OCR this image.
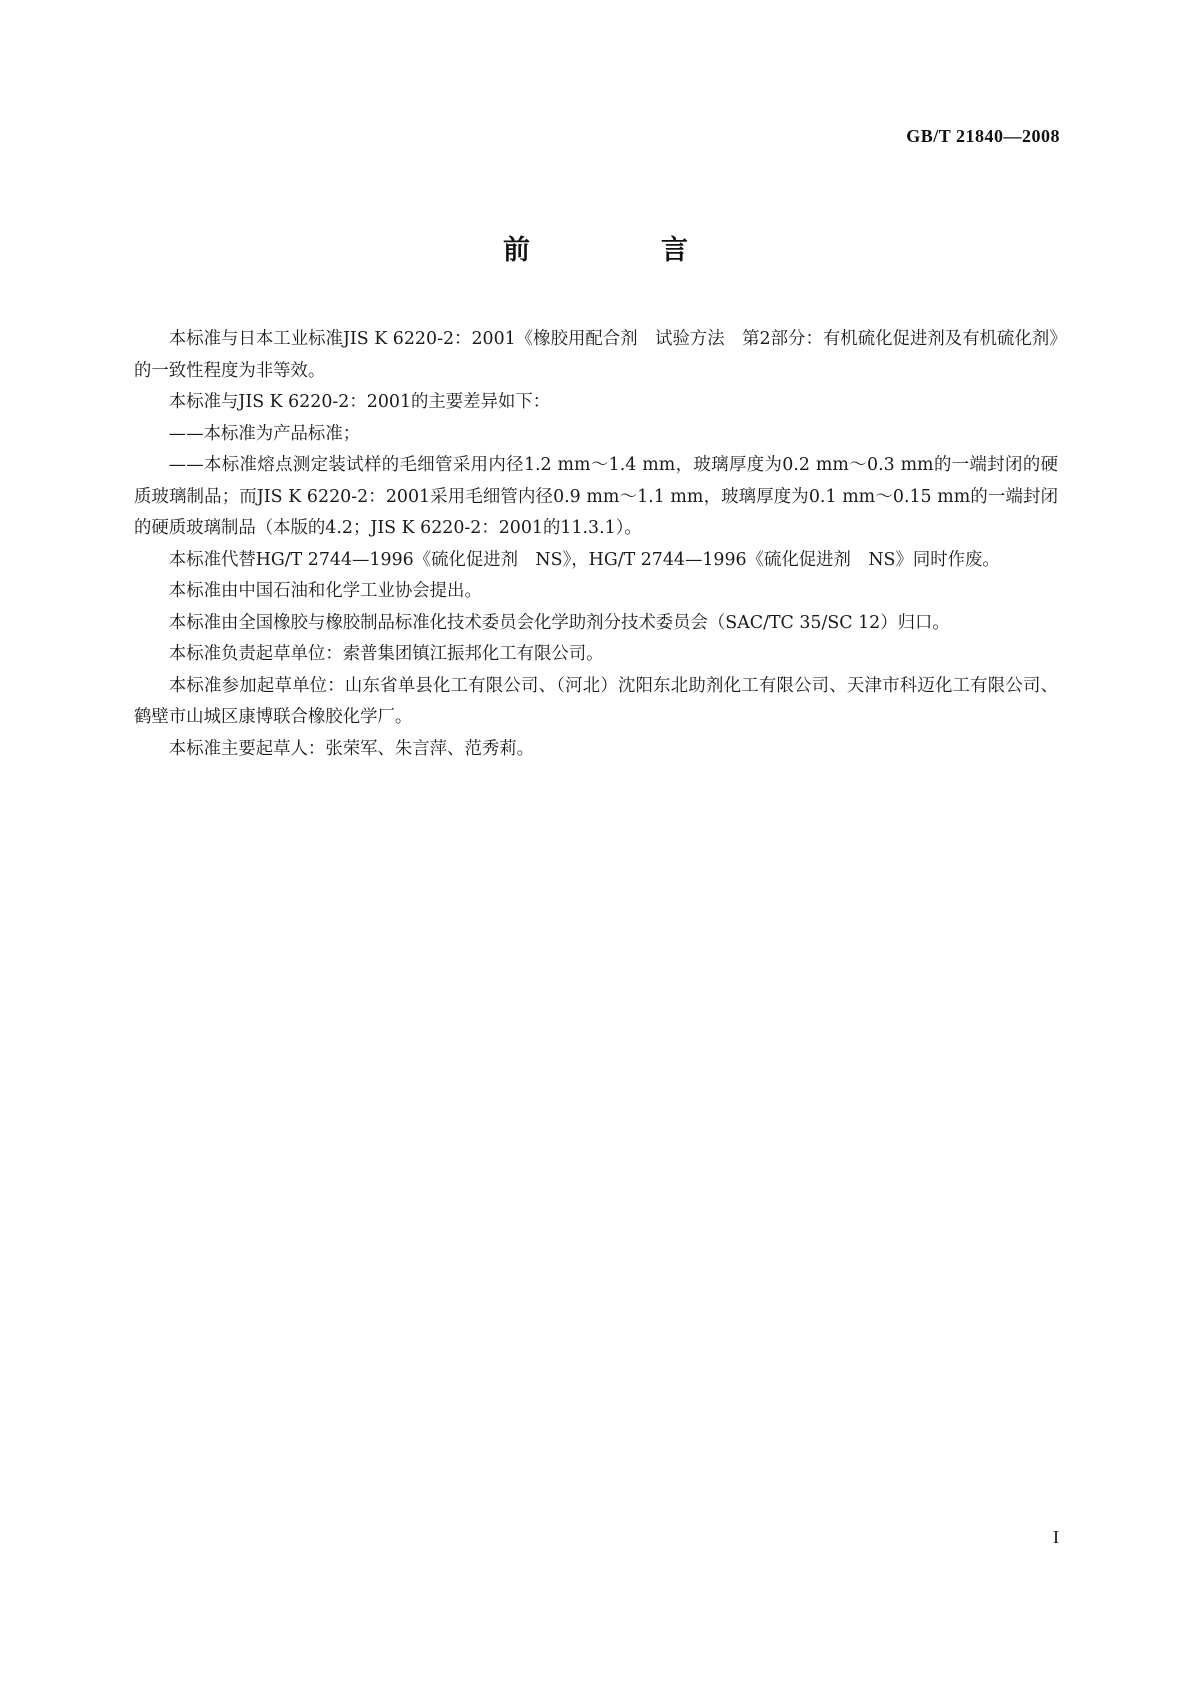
GB/T 21840—2008
前　言

本标准与日本工业标准JIS K 6220-2：2001《橡胶用配合剂　试验方法　第2部分：有机硫化促进剂及有机硫化剂》的一致性程度为非等效。

本标准与JIS K 6220-2：2001的主要差异如下：

——本标准为产品标准；

——本标准熔点测定装试样的毛细管采用内径1.2 mm～1.4 mm，玻璃厚度为0.2 mm～0.3 mm的一端封闭的硬质玻璃制品；而JIS K 6220-2：2001采用毛细管内径0.9 mm～1.1 mm，玻璃厚度为0.1 mm～0.15 mm的一端封闭的硬质玻璃制品（本版的4.2；JIS K 6220-2：2001的11.3.1）。

本标准代替HG/T 2744—1996《硫化促进剂　NS》，HG/T 2744—1996《硫化促进剂　NS》同时作废。

本标准由中国石油和化学工业协会提出。

本标准由全国橡胶与橡胶制品标准化技术委员会化学助剂分技术委员会（SAC/TC 35/SC 12）归口。

本标准负责起草单位：索普集团镇江振邦化工有限公司。

本标准参加起草单位：山东省单县化工有限公司、（河北）沈阳东北助剂化工有限公司、天津市科迈化工有限公司、鹤壁市山城区康博联合橡胶化学厂。

本标准主要起草人：张荣军、朱言萍、范秀莉。

I
